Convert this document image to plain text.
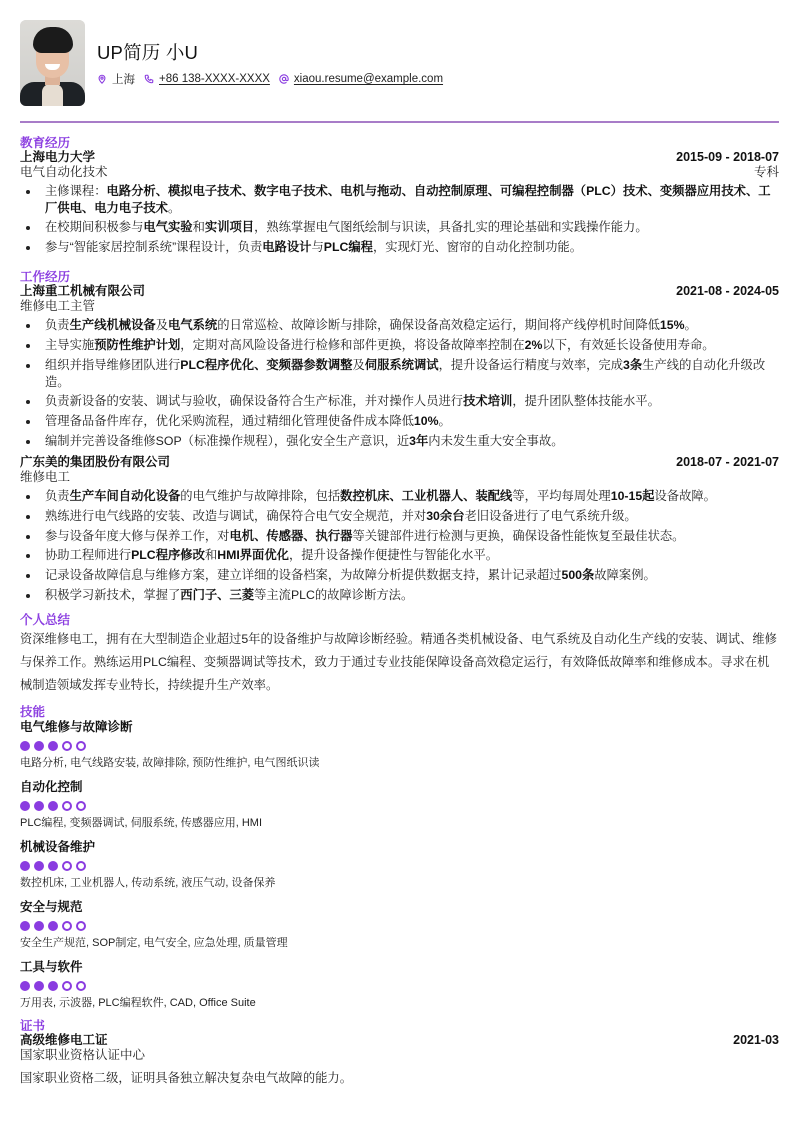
UP简历 小U
上海 +86 138-XXXX-XXXX xiaou.resume@example.com
教育经历
上海电力大学	2015-09 - 2018-07
电气自动化技术	专科
主修课程：电路分析、模拟电子技术、数字电子技术、电机与拖动、自动控制原理、可编程控制器（PLC）技术、变频器应用技术、工厂供电、电力电子技术。
在校期间积极参与电气实验和实训项目，熟练掌握电气图纸绘制与识读，具备扎实的理论基础和实践操作能力。
参与“智能家居控制系统”课程设计，负责电路设计与PLC编程，实现灯光、窗帘的自动化控制功能。
工作经历
上海重工机械有限公司	2021-08 - 2024-05
维修电工主管
负责生产线机械设备及电气系统的日常巡检、故障诊断与排除，确保设备高效稳定运行，期间将产线停机时间降低15%。
主导实施预防性维护计划，定期对高风险设备进行检修和部件更换，将设备故障率控制在2%以下，有效延长设备使用寿命。
组织并指导维修团队进行PLC程序优化、变频器参数调整及伺服系统调试，提升设备运行精度与效率，完成3条生产线的自动化升级改造。
负责新设备的安装、调试与验收，确保设备符合生产标准，并对操作人员进行技术培训，提升团队整体技能水平。
管理备品备件库存，优化采购流程，通过精细化管理使备件成本降低10%。
编制并完善设备维修SOP（标准操作规程），强化安全生产意识，近3年内未发生重大安全事故。
广东美的集团股份有限公司	2018-07 - 2021-07
维修电工
负责生产车间自动化设备的电气维护与故障排除，包括数控机床、工业机器人、装配线等，平均每周处理10-15起设备故障。
熟练进行电气线路的安装、改造与调试，确保符合电气安全规范，并对30余台老旧设备进行了电气系统升级。
参与设备年度大修与保养工作，对电机、传感器、执行器等关键部件进行检测与更换，确保设备性能恢复至最佳状态。
协助工程师进行PLC程序修改和HMI界面优化，提升设备操作便捷性与智能化水平。
记录设备故障信息与维修方案，建立详细的设备档案，为故障分析提供数据支持，累计记录超过500条故障案例。
积极学习新技术，掌握了西门子、三菱等主流PLC的故障诊断方法。
个人总结
资深维修电工，拥有在大型制造企业超过5年的设备维护与故障诊断经验。精通各类机械设备、电气系统及自动化生产线的安装、调试、维修与保养工作。熟练运用PLC编程、变频器调试等技术，致力于通过专业技能保障设备高效稳定运行，有效降低故障率和维修成本。寻求在机械制造领域发挥专业特长，持续提升生产效率。
技能
电气维修与故障诊断
电路分析, 电气线路安装, 故障排除, 预防性维护, 电气图纸识读
自动化控制
PLC编程, 变频器调试, 伺服系统, 传感器应用, HMI
机械设备维护
数控机床, 工业机器人, 传动系统, 液压气动, 设备保养
安全与规范
安全生产规范, SOP制定, 电气安全, 应急处理, 质量管理
工具与软件
万用表, 示波器, PLC编程软件, CAD, Office Suite
证书
高级维修电工证	2021-03
国家职业资格认证中心
国家职业资格二级，证明具备独立解决复杂电气故障的能力。
